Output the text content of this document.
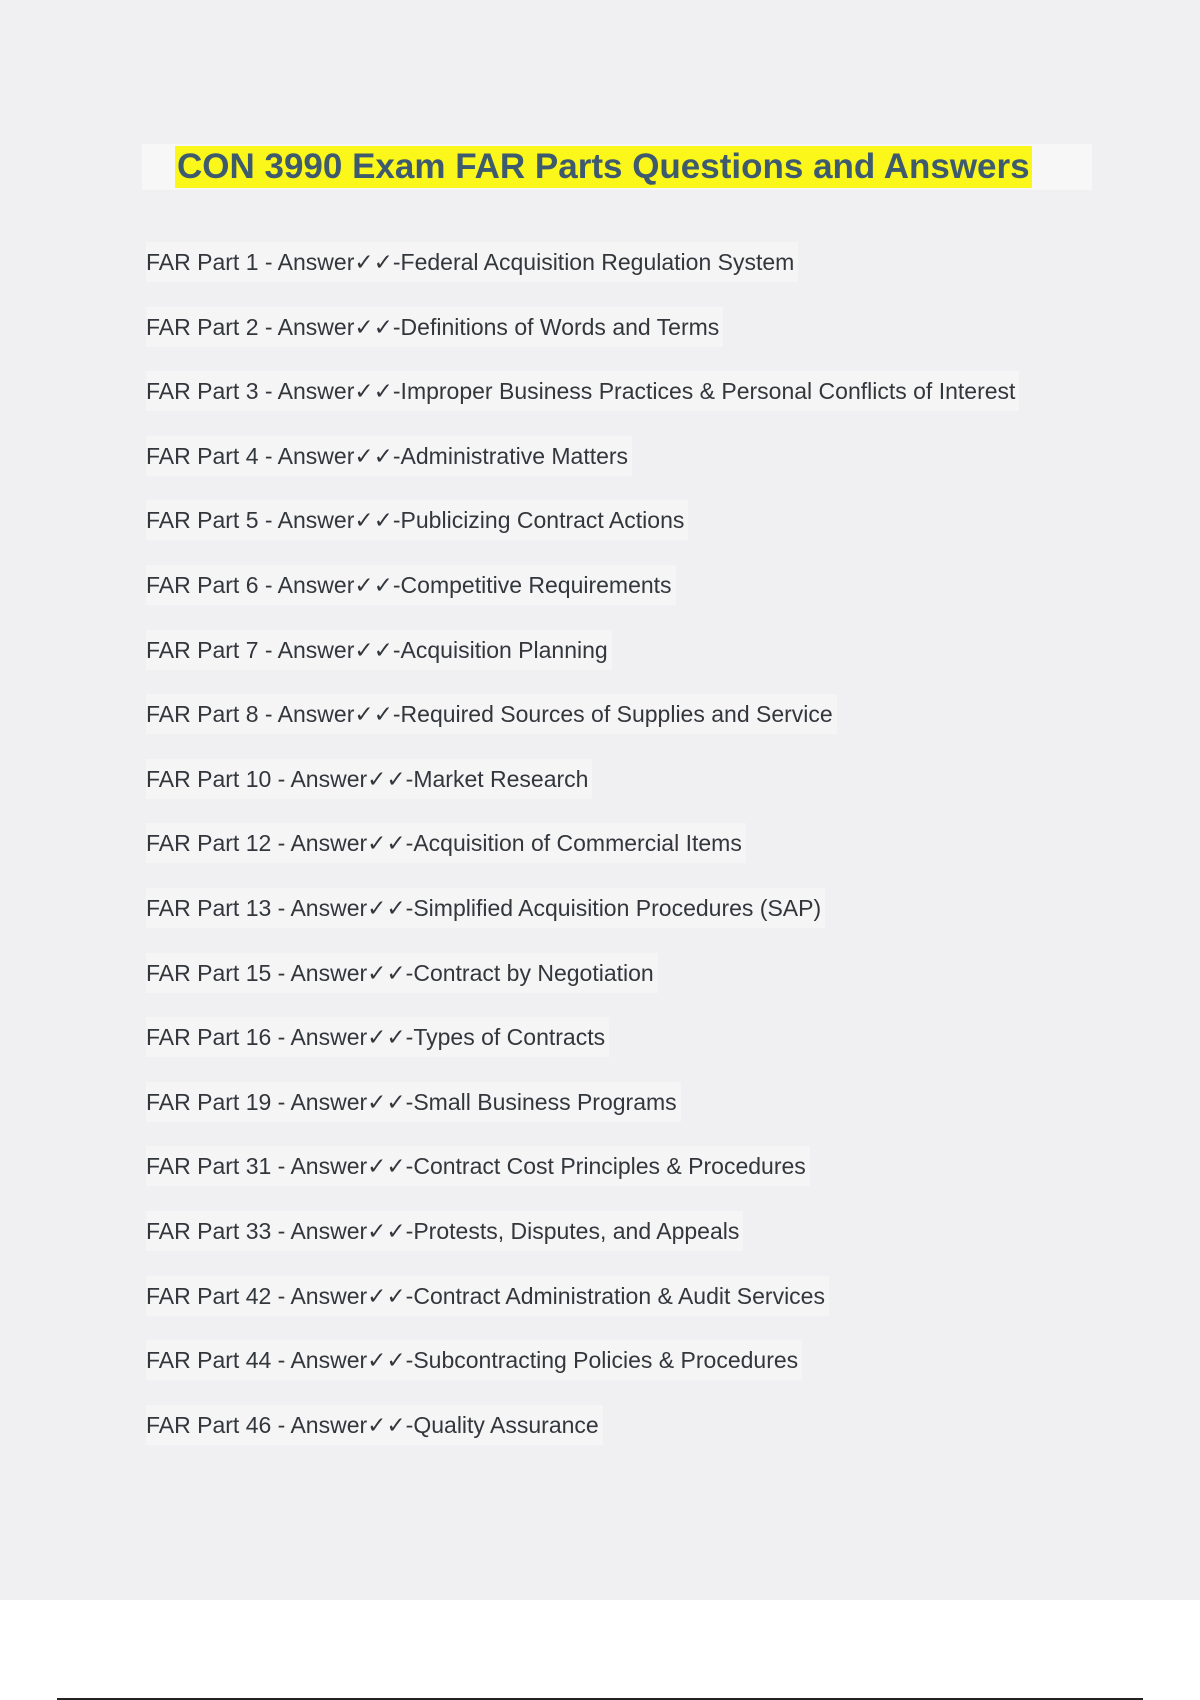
CON 3990 Exam FAR Parts Questions and Answers
FAR Part 1 - Answer✓✓-Federal Acquisition Regulation System
FAR Part 2 - Answer✓✓-Definitions of Words and Terms
FAR Part 3 - Answer✓✓-Improper Business Practices & Personal Conflicts of Interest
FAR Part 4 - Answer✓✓-Administrative Matters
FAR Part 5 - Answer✓✓-Publicizing Contract Actions
FAR Part 6 - Answer✓✓-Competitive Requirements
FAR Part 7 - Answer✓✓-Acquisition Planning
FAR Part 8 - Answer✓✓-Required Sources of Supplies and Service
FAR Part 10 - Answer✓✓-Market Research
FAR Part 12 - Answer✓✓-Acquisition of Commercial Items
FAR Part 13 - Answer✓✓-Simplified Acquisition Procedures (SAP)
FAR Part 15 - Answer✓✓-Contract by Negotiation
FAR Part 16 - Answer✓✓-Types of Contracts
FAR Part 19 - Answer✓✓-Small Business Programs
FAR Part 31 - Answer✓✓-Contract Cost Principles & Procedures
FAR Part 33 - Answer✓✓-Protests, Disputes, and Appeals
FAR Part 42 - Answer✓✓-Contract Administration & Audit Services
FAR Part 44 - Answer✓✓-Subcontracting Policies & Procedures
FAR Part 46 - Answer✓✓-Quality Assurance
